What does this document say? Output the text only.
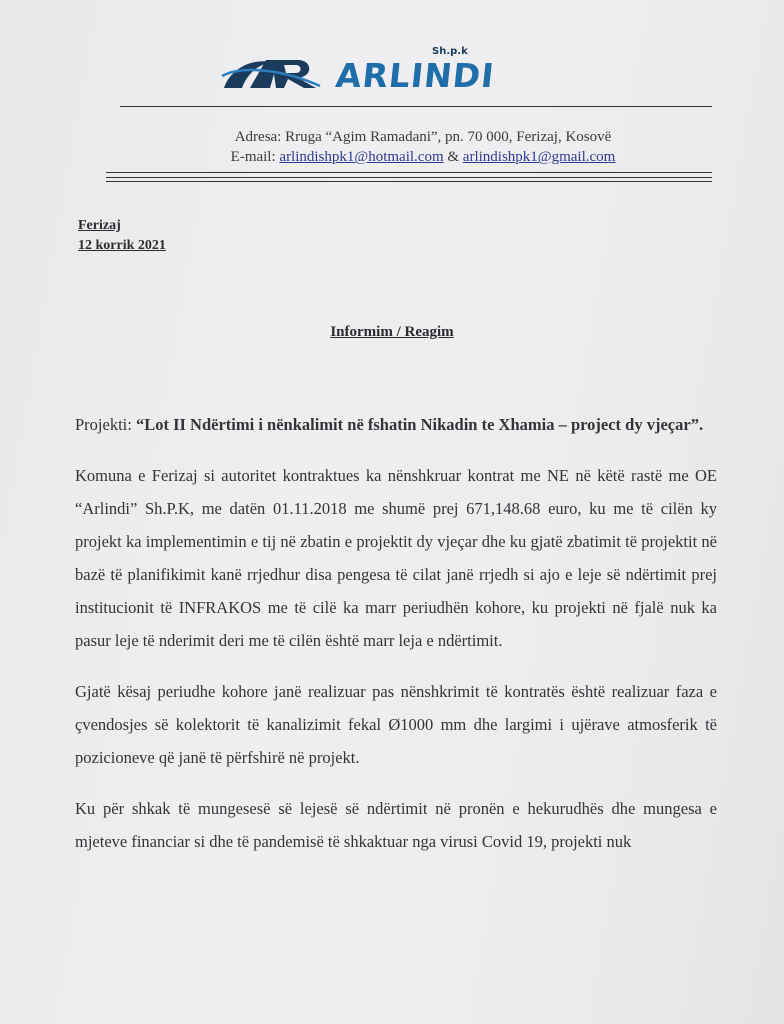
Sh.p.k
ARLINDI
Adresa: Rruga “Agim Ramadani”, pn. 70 000, Ferizaj, Kosovë
E-mail: arlindishpk1@hotmail.com & arlindishpk1@gmail.com
Ferizaj
12 korrik 2021
Informim / Reagim

Projekti: “Lot II Ndërtimi i nënkalimit në fshatin Nikadin te Xhamia – project dy vjeçar”.

Komuna e Ferizaj si autoritet kontraktues ka nënshkruar kontrat me NE në këtë rastë me OE “Arlindi” Sh.P.K, me datën 01.11.2018 me shumë prej 671,148.68 euro, ku me të cilën ky projekt ka implementimin e tij në zbatin e projektit dy vjeçar dhe ku gjatë zbatimit të projektit në bazë të planifikimit kanë rrjedhur disa pengesa të cilat janë rrjedh si ajo e leje së ndërtimit prej institucionit të INFRAKOS me të cilë ka marr periudhën kohore, ku projekti në fjalë nuk ka pasur leje të nderimit deri me të cilën është marr leja e ndërtimit.

Gjatë kësaj periudhe kohore janë realizuar pas nënshkrimit të kontratës është realizuar faza e çvendosjes së kolektorit të kanalizimit fekal Ø1000 mm dhe largimi i ujërave atmosferik të pozicioneve që janë të përfshirë në projekt.

Ku për shkak të mungesesë së lejesë së ndërtimit në pronën e hekurudhës dhe mungesa e mjeteve financiar si dhe të pandemisë të shkaktuar nga virusi Covid 19, projekti nuk
